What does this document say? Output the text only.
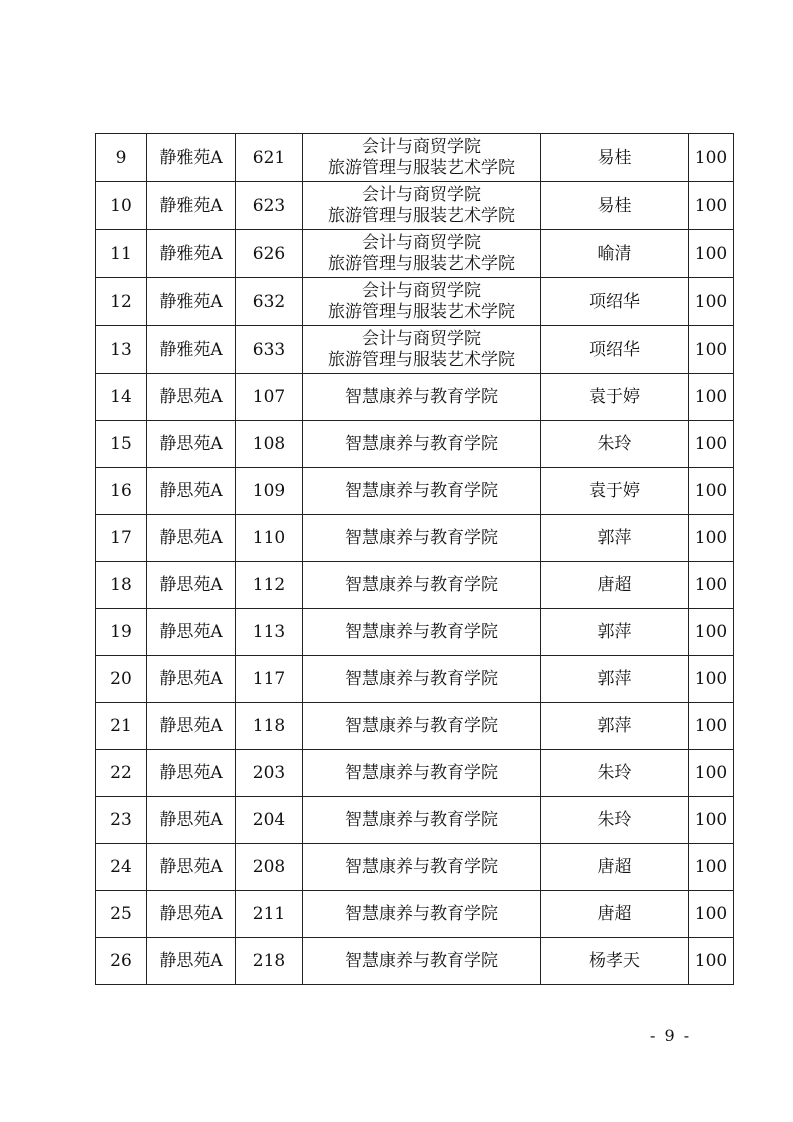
9	静雅苑A	621	会计与商贸学院
旅游管理与服装艺术学院	易桂	100
10	静雅苑A	623	会计与商贸学院
旅游管理与服装艺术学院	易桂	100
11	静雅苑A	626	会计与商贸学院
旅游管理与服装艺术学院	喻清	100
12	静雅苑A	632	会计与商贸学院
旅游管理与服装艺术学院	项绍华	100
13	静雅苑A	633	会计与商贸学院
旅游管理与服装艺术学院	项绍华	100
14	静思苑A	107	智慧康养与教育学院	袁于婷	100
15	静思苑A	108	智慧康养与教育学院	朱玲	100
16	静思苑A	109	智慧康养与教育学院	袁于婷	100
17	静思苑A	110	智慧康养与教育学院	郭萍	100
18	静思苑A	112	智慧康养与教育学院	唐超	100
19	静思苑A	113	智慧康养与教育学院	郭萍	100
20	静思苑A	117	智慧康养与教育学院	郭萍	100
21	静思苑A	118	智慧康养与教育学院	郭萍	100
22	静思苑A	203	智慧康养与教育学院	朱玲	100
23	静思苑A	204	智慧康养与教育学院	朱玲	100
24	静思苑A	208	智慧康养与教育学院	唐超	100
25	静思苑A	211	智慧康养与教育学院	唐超	100
26	静思苑A	218	智慧康养与教育学院	杨孝天	100
- 9 -
